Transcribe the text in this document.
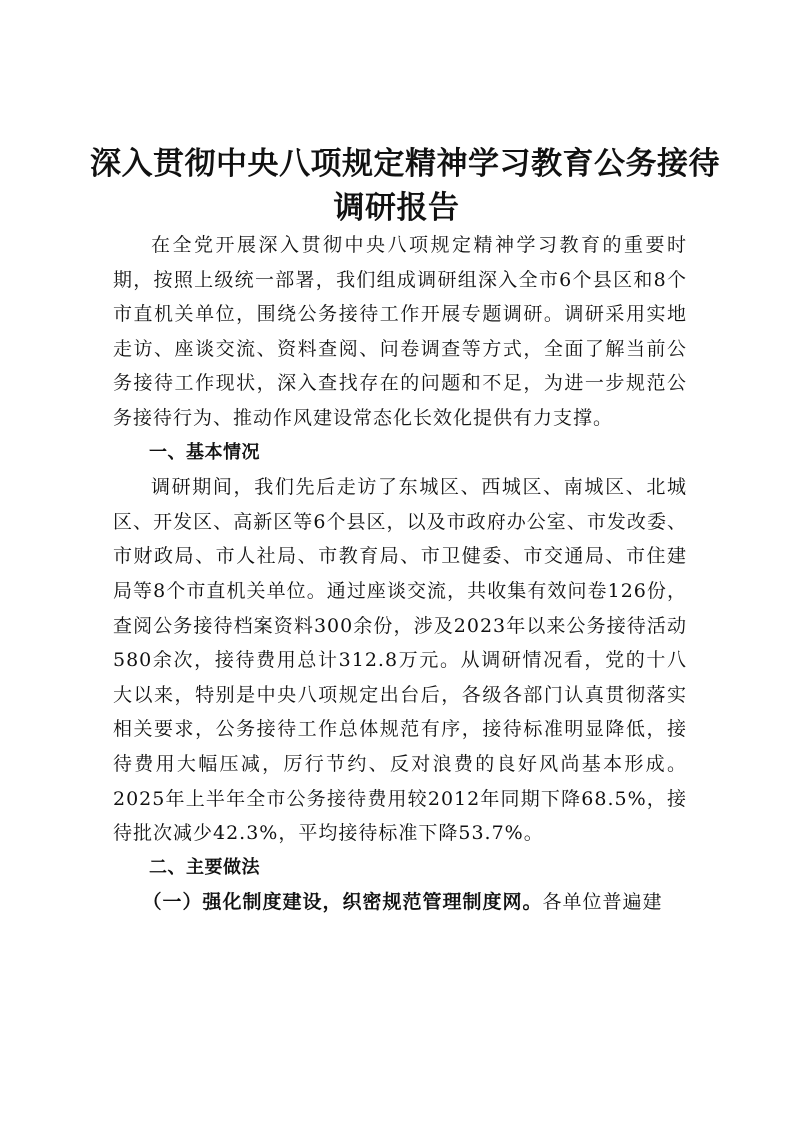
深入贯彻中央八项规定精神学习教育公务接待
调研报告

在全党开展深入贯彻中央八项规定精神学习教育的重要时期，按照上级统一部署，我们组成调研组深入全市6个县区和8个市直机关单位，围绕公务接待工作开展专题调研。调研采用实地走访、座谈交流、资料查阅、问卷调查等方式，全面了解当前公务接待工作现状，深入查找存在的问题和不足，为进一步规范公务接待行为、推动作风建设常态化长效化提供有力支撑。

一、基本情况

调研期间，我们先后走访了东城区、西城区、南城区、北城区、开发区、高新区等6个县区，以及市政府办公室、市发改委、市财政局、市人社局、市教育局、市卫健委、市交通局、市住建局等8个市直机关单位。通过座谈交流，共收集有效问卷126份，查阅公务接待档案资料300余份，涉及2023年以来公务接待活动580余次，接待费用总计312.8万元。从调研情况看，党的十八大以来，特别是中央八项规定出台后，各级各部门认真贯彻落实相关要求，公务接待工作总体规范有序，接待标准明显降低，接待费用大幅压减，厉行节约、反对浪费的良好风尚基本形成。2025年上半年全市公务接待费用较2012年同期下降68.5%，接待批次减少42.3%，平均接待标准下降53.7%。

二、主要做法

（一）强化制度建设，织密规范管理制度网。各单位普遍建
